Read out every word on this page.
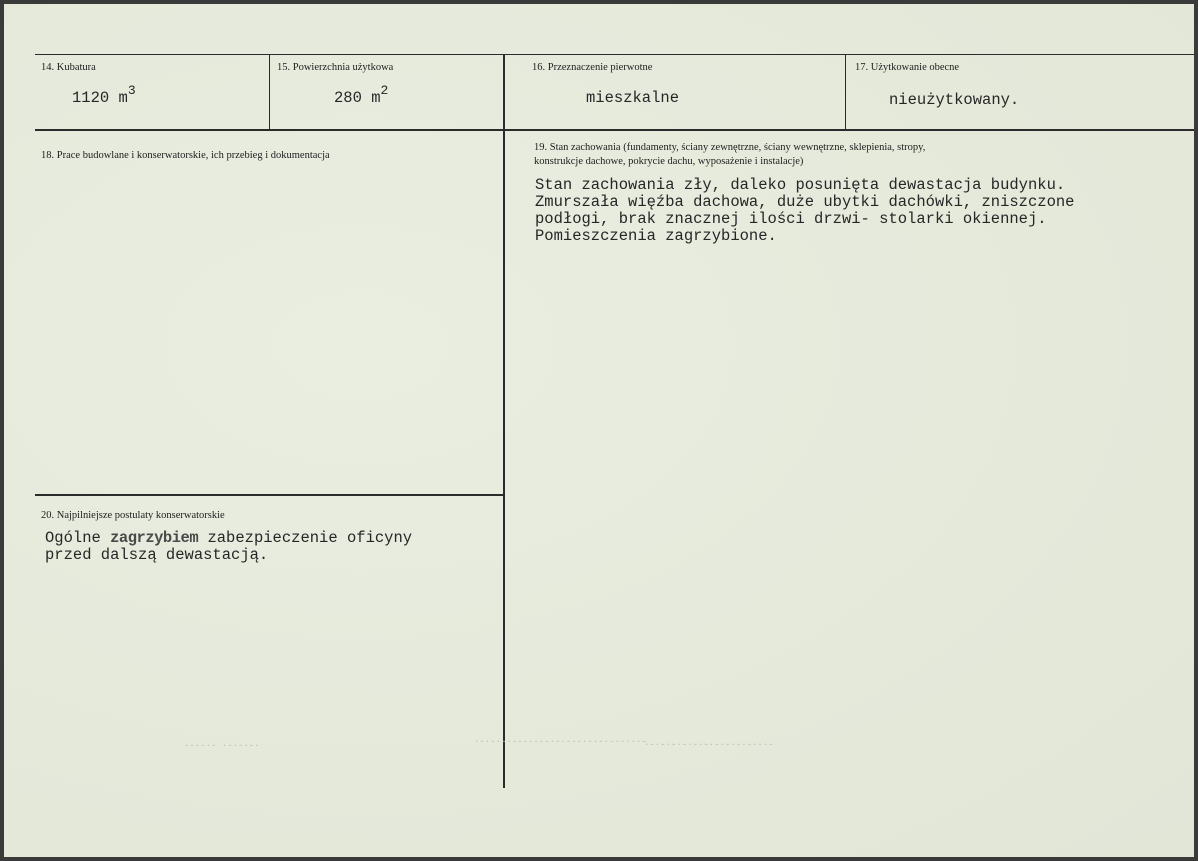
14. Kubatura
1120 $m^3$
15. Powierzchnia użytkowa
280 $m^2$
16. Przeznaczenie pierwotne
mieszkalne
17. Użytkowanie obecne
nieużytkowany.
18. Prace budowlane i konserwatorskie, ich przebieg i dokumentacja
19. Stan zachowania (fundamenty, ściany zewnętrzne, ściany wewnętrzne, sklepienia, stropy,
konstrukcje dachowe, pokrycie dachu, wyposażenie i instalacje)
Stan zachowania zły, daleko posunięta dewastacja budynku.
Zmurszała więźba dachowa, duże ubytki dachówki, zniszczone
podłogi, brak znacznej ilości drzwi- stolarki okiennej.
Pomieszczenia zagrzybione.
20. Najpilniejsze postulaty konserwatorskie
Ogólne zagrzybiem zabezpieczenie oficyny
przed dalszą dewastacją.
·-·-·-·-·-·-·-·-·-·-·-·-·-·-·-·-
·-·-·- ·-·-·-·	·-·-·-·-·-·-·-·-·-·-·-·-
